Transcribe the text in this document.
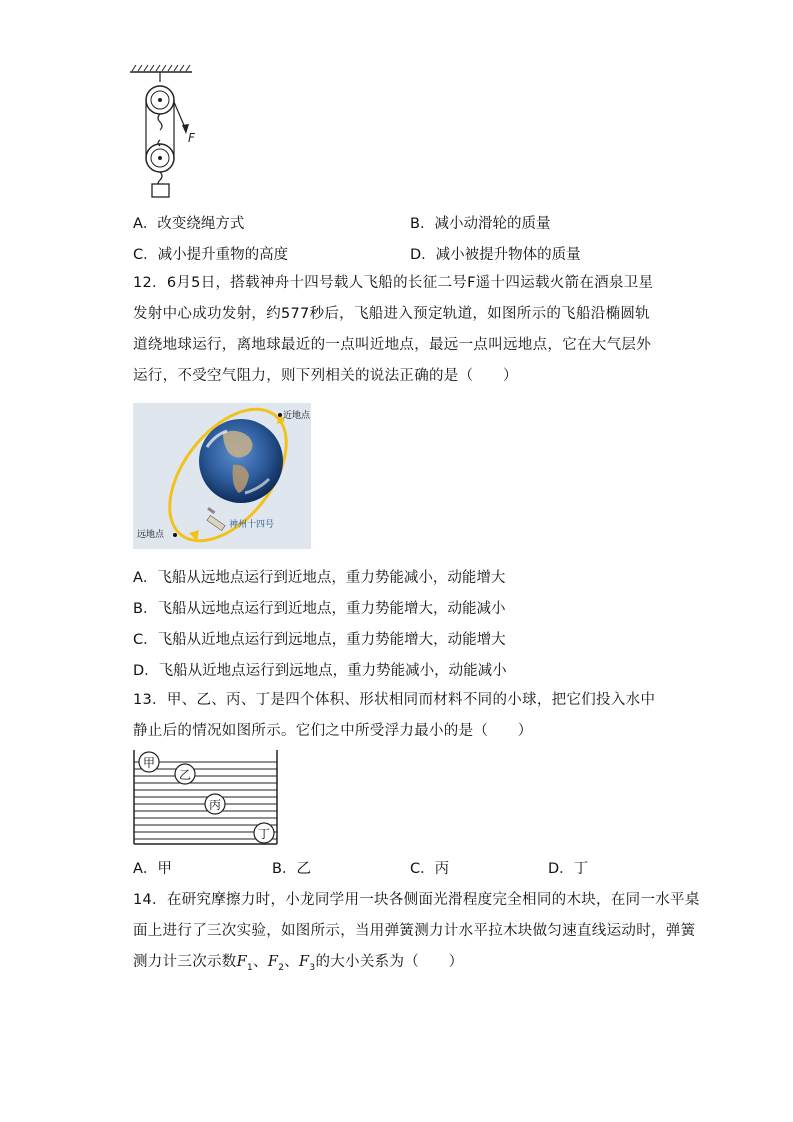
F
A．改变绕绳方式	B．减小动滑轮的质量
C．减小提升重物的高度	D．减小被提升物体的质量
12．6月5日，搭载神舟十四号载人飞船的长征二号F遥十四运载火箭在酒泉卫星发射中心成功发射，约577秒后，飞船进入预定轨道，如图所示的飞船沿椭圆轨道绕地球运行，离地球最近的一点叫近地点，最远一点叫远地点，它在大气层外运行，不受空气阻力，则下列相关的说法正确的是（　　）
近地点
远地点
神州十四号
A．飞船从远地点运行到近地点，重力势能减小，动能增大
B．飞船从远地点运行到近地点，重力势能增大，动能减小
C．飞船从近地点运行到远地点，重力势能增大，动能增大
D．飞船从近地点运行到远地点，重力势能减小，动能减小
13．甲、乙、丙、丁是四个体积、形状相同而材料不同的小球，把它们投入水中静止后的情况如图所示。它们之中所受浮力最小的是（　　）
甲
乙
丙
丁
A．甲	B．乙	C．丙	D．丁
14．在研究摩擦力时，小龙同学用一块各侧面光滑程度完全相同的木块，在同一水平桌
面上进行了三次实验，如图所示，当用弹簧测力计水平拉木块做匀速直线运动时，弹簧
测力计三次示数$F_1$、$F_2$、$F_3$的大小关系为（　　）
